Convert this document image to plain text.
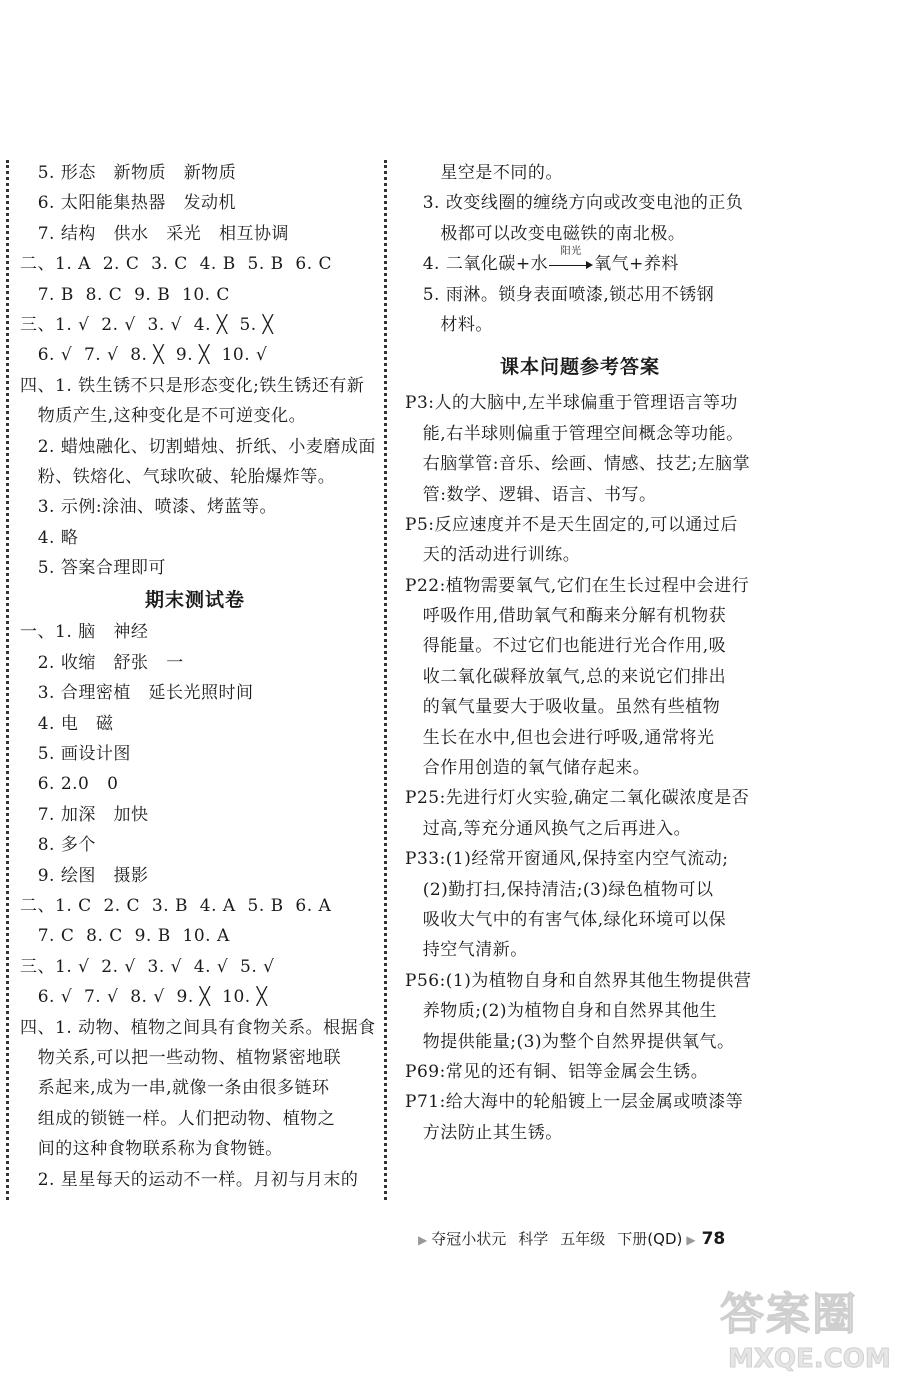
5. 形态   新物质   新物质
6. 太阳能集热器   发动机
7. 结构   供水   采光   相互协调
二、1. A  2. C  3. C  4. B  5. B  6. C
7. B  8. C  9. B  10. C
三、1. √  2. √  3. √  4. ╳  5. ╳
6. √  7. √  8. ╳  9. ╳  10. √
四、1. 铁生锈不只是形态变化;铁生锈还有新
物质产生,这种变化是不可逆变化。
2. 蜡烛融化、切割蜡烛、折纸、小麦磨成面
粉、铁熔化、气球吹破、轮胎爆炸等。
3. 示例:涂油、喷漆、烤蓝等。
4. 略
5. 答案合理即可
期末测试卷
一、1. 脑   神经
2. 收缩   舒张   一
3. 合理密植   延长光照时间
4. 电   磁
5. 画设计图
6. 2.0   0
7. 加深   加快
8. 多个
9. 绘图   摄影
二、1. C  2. C  3. B  4. A  5. B  6. A
7. C  8. C  9. B  10. A
三、1. √  2. √  3. √  4. √  5. √
6. √  7. √  8. √  9. ╳  10. ╳
四、1. 动物、植物之间具有食物关系。根据食
物关系,可以把一些动物、植物紧密地联
系起来,成为一串,就像一条由很多链环
组成的锁链一样。人们把动物、植物之
间的这种食物联系称为食物链。
2. 星星每天的运动不一样。月初与月末的
星空是不同的。
3. 改变线圈的缠绕方向或改变电池的正负
极都可以改变电磁铁的南北极。
4. 二氧化碳+水
阳光
氧气+养料
5. 雨淋。锁身表面喷漆,锁芯用不锈钢
材料。
课本问题参考答案
P3:人的大脑中,左半球偏重于管理语言等功
能,右半球则偏重于管理空间概念等功能。
右脑掌管:音乐、绘画、情感、技艺;左脑掌
管:数学、逻辑、语言、书写。
P5:反应速度并不是天生固定的,可以通过后
天的活动进行训练。
P22:植物需要氧气,它们在生长过程中会进行
呼吸作用,借助氧气和酶来分解有机物获
得能量。不过它们也能进行光合作用,吸
收二氧化碳释放氧气,总的来说它们排出
的氧气量要大于吸收量。虽然有些植物
生长在水中,但也会进行呼吸,通常将光
合作用创造的氧气储存起来。
P25:先进行灯火实验,确定二氧化碳浓度是否
过高,等充分通风换气之后再进入。
P33:(1)经常开窗通风,保持室内空气流动;
(2)勤打扫,保持清洁;(3)绿色植物可以
吸收大气中的有害气体,绿化环境可以保
持空气清新。
P56:(1)为植物自身和自然界其他生物提供营
养物质;(2)为植物自身和自然界其他生
物提供能量;(3)为整个自然界提供氧气。
P69:常见的还有铜、铝等金属会生锈。
P71:给大海中的轮船镀上一层金属或喷漆等
方法防止其生锈。
▶ 夺冠小状元 科学 五年级 下册(QD) ▶ 78
答案圈
MXQE.COM
